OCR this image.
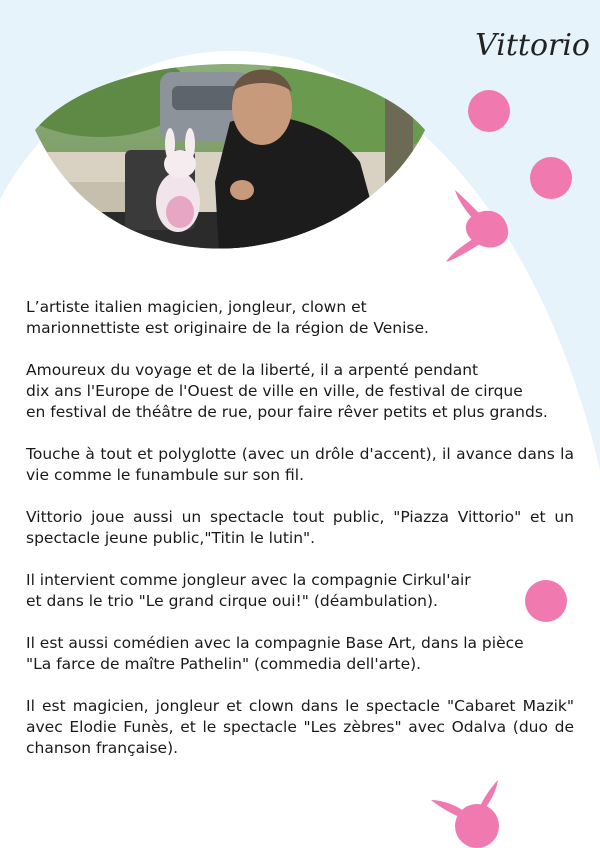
Vittorio

L’artiste italien magicien, jongleur, clown et
marionnettiste est originaire de la région de Venise.

Amoureux du voyage et de la liberté, il a arpenté pendant
dix ans l'Europe de l'Ouest de ville en ville, de festival de cirque
en festival de théâtre de rue, pour faire rêver petits et plus grands.

Touche à tout et polyglotte (avec un drôle d'accent), il avance dans la vie comme le funambule sur son fil.

Vittorio joue aussi un spectacle tout public, "Piazza Vittorio" et un spectacle jeune public,"Titin le lutin".

Il intervient comme jongleur avec la compagnie Cirkul'air
et dans le trio "Le grand cirque oui!" (déambulation).

Il est aussi comédien avec la compagnie Base Art, dans la pièce
"La farce de maître Pathelin" (commedia dell'arte).

Il est magicien, jongleur et clown dans le spectacle "Cabaret Mazik" avec Elodie Funès, et le spectacle "Les zèbres" avec Odalva (duo de chanson française).
